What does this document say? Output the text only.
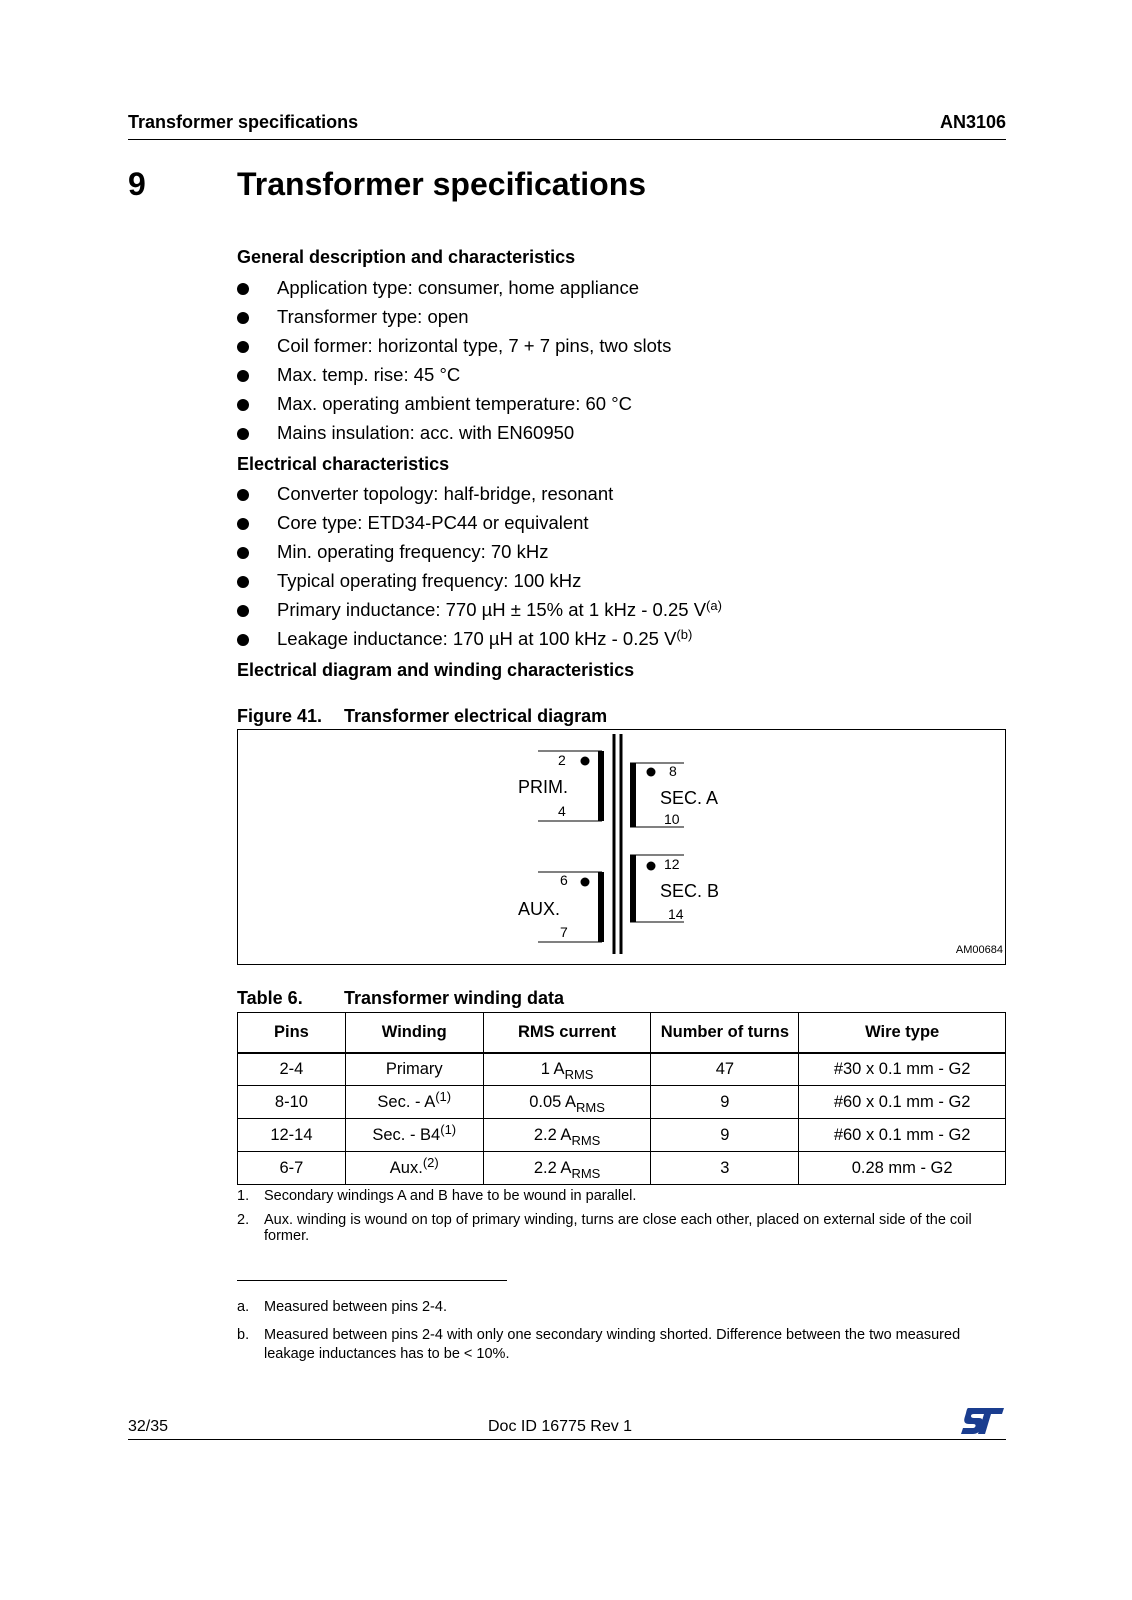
Transformer specifications	AN3106
9	Transformer specifications
General description and characteristics
Application type: consumer, home appliance
Transformer type: open
Coil former: horizontal type, 7 + 7 pins, two slots
Max. temp. rise: 45 °C
Max. operating ambient temperature: 60 °C
Mains insulation: acc. with EN60950
Electrical characteristics
Converter topology: half-bridge, resonant
Core type: ETD34-PC44 or equivalent
Min. operating frequency: 70 kHz
Typical operating frequency: 100 kHz
Primary inductance: 770 µH ± 15% at 1 kHz - 0.25 $V^{(a)}$
Leakage inductance: 170 µH at 100 kHz - 0.25 $V^{(b)}$
Electrical diagram and winding characteristics
Figure 41. Transformer electrical diagram
2
4
PRIM.
6
7
AUX.
8
10
SEC. A
12
14
SEC. B
AM00684
Table 6. Transformer winding data
Pins	Winding	RMS current	Number of turns	Wire type
2-4	Primary	1 $A_{RMS}$	47	#30 x 0.1 mm - G2
8-10	Sec. - $A^{(1)}$	0.05 $A_{RMS}$	9	#60 x 0.1 mm - G2
12-14	Sec. - B4$^{(1)}$	2.2 $A_{RMS}$	9	#60 x 0.1 mm - G2
6-7	Aux.$^{(2)}$	2.2 $A_{RMS}$	3	0.28 mm - G2
1. Secondary windings A and B have to be wound in parallel.
2. Aux. winding is wound on top of primary winding, turns are close each other, placed on external side of the coil former.
a. Measured between pins 2-4.
b. Measured between pins 2-4 with only one secondary winding shorted. Difference between the two measured leakage inductances has to be < 10%.
32/35	Doc ID 16775 Rev 1
